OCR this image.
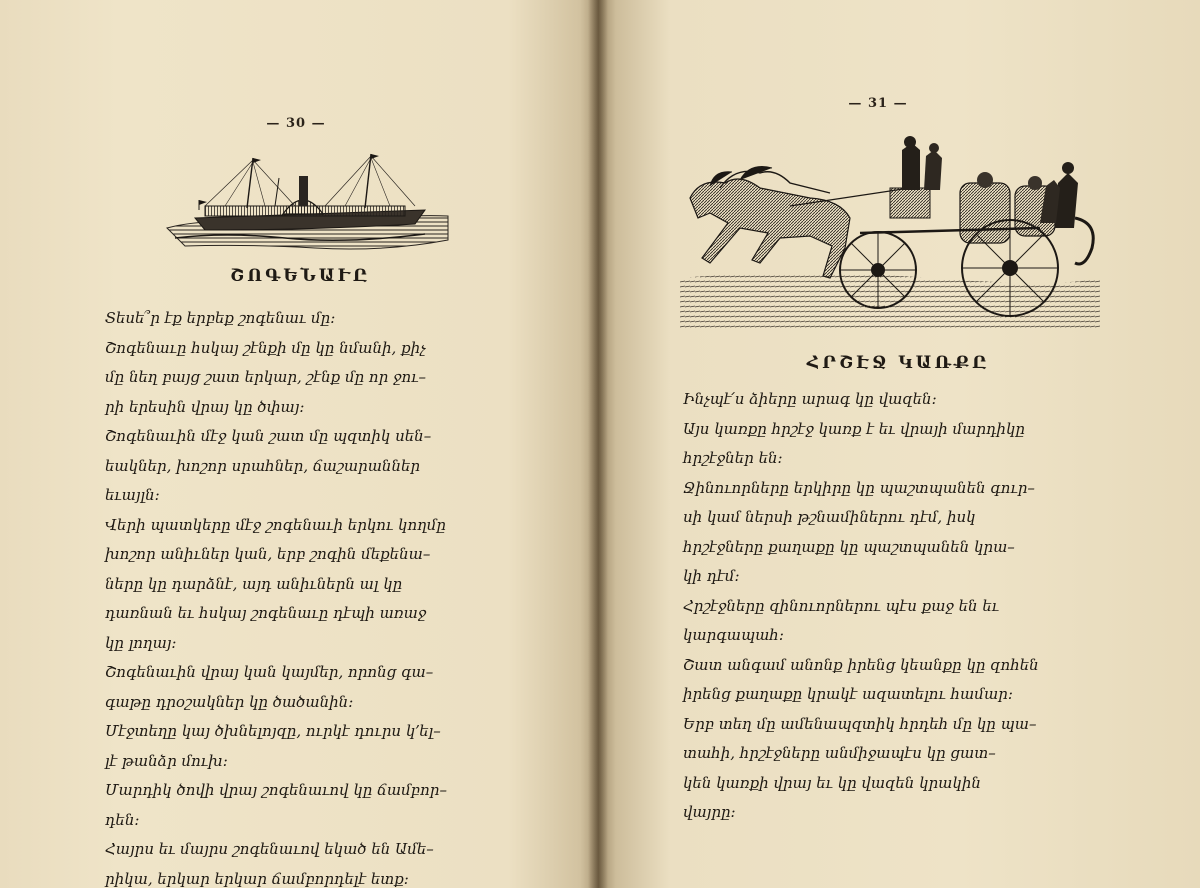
— 30 —
ՇՈԳԵՆԱՒԸ
Տեսե՞ր էք երբեք շոգենաւ մը։
Շոգենաւը հսկայ շէնքի մը կը նմանի, քիչ
մը նեղ բայց շատ երկար, շէնք մը որ ջու–
րի երեսին վրայ կը ծփայ։
Շոգենաւին մէջ կան շատ մը պզտիկ սեն–
եակներ, խոշոր սրահներ, ճաշարաններ
եւայլն։
Վերի պատկերը մէջ շոգենաւի երկու կողմը
խոշոր անիւներ կան, երբ շոգին մեքենա–
ները կը դարձնէ, այդ անիւներն ալ կը
դառնան եւ հսկայ շոգենաւը դէպի առաջ
կը լողայ։
Շոգենաւին վրայ կան կայմեր, որոնց գա–
գաթը դրօշակներ կը ծածանին։
Մէջտեղը կայ ծխնելոյզը, ուրկէ դուրս կ՚ել–
լէ թանձր մուխ։
Մարդիկ ծովի վրայ շոգենաւով կը ճամբոր–
դեն։
Հայրս եւ մայրս շոգենաւով եկած են Ամե–
րիկա, երկար երկար ճամբորդելէ ետք։
— 31 —
ՀՐՇԷՋ ԿԱՌՔԸ
Ինչպէ՛ս ձիերը արագ կը վազեն։
Այս կառքը հրշէջ կառք է եւ վրայի մարդիկը
հրշէջներ են։
Ջինուորները երկիրը կը պաշտպանեն գուր–
սի կամ ներսի թշնամիներու դէմ, իսկ
հրշէջները քաղաքը կը պաշտպանեն կրա–
կի դէմ։
Հրշէջները զինուորներու պէս քաջ են եւ
կարգապահ։
Շատ անգամ անոնք իրենց կեանքը կը զոհեն
իրենց քաղաքը կրակէ ազատելու համար։
Երբ տեղ մը ամենապզտիկ հրդեհ մը կը պա–
տահի, հրշէջները անմիջապէս կը ցատ–
կեն կառքի վրայ եւ կը վազեն կրակին
վայրը։
